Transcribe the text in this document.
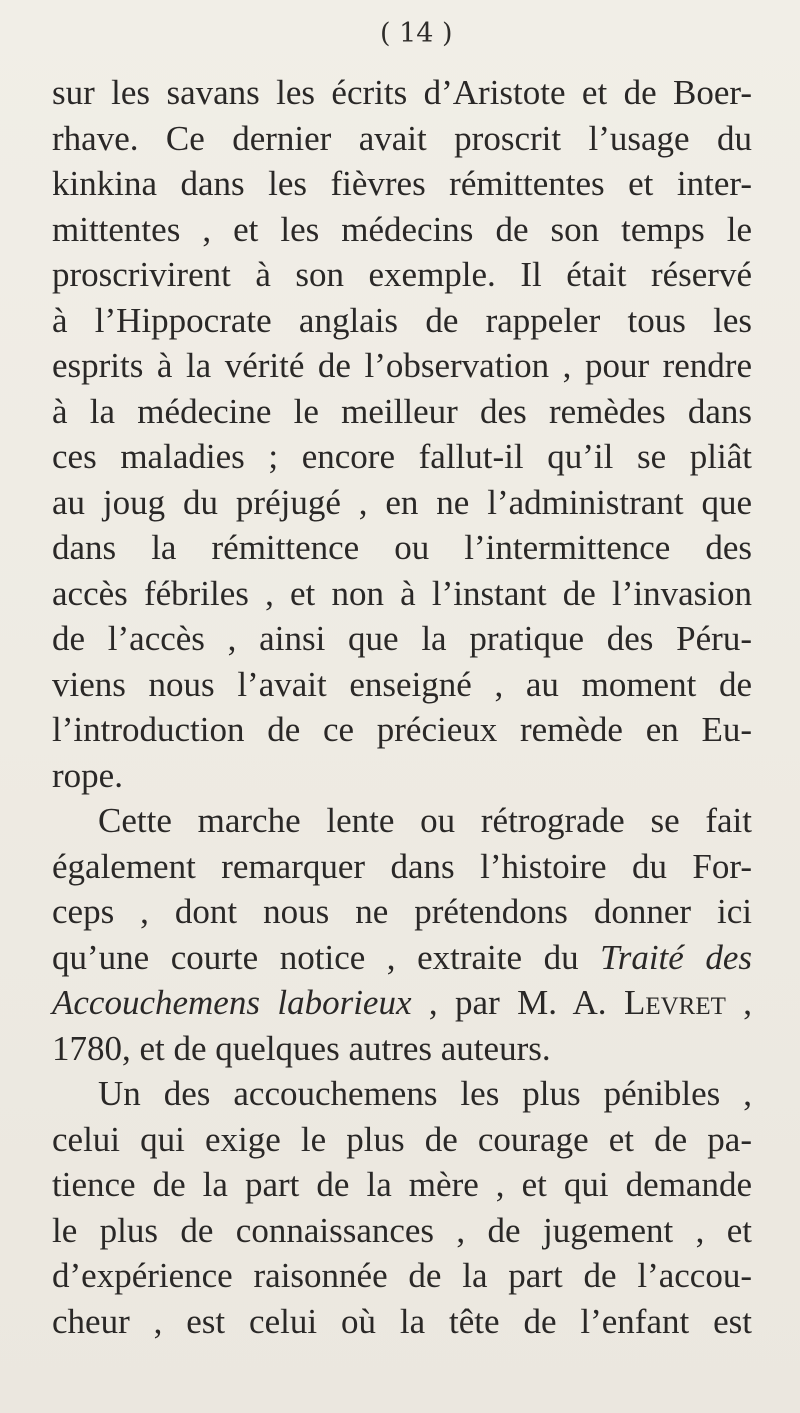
( 14 )
sur les savans les écrits d’Aristote et de Boer-
rhave. Ce dernier avait proscrit l’usage du
kinkina dans les fièvres rémittentes et inter-
mittentes , et les médecins de son temps le
proscrivirent à son exemple. Il était réservé
à l’Hippocrate anglais de rappeler tous les
esprits à la vérité de l’observation , pour rendre
à la médecine le meilleur des remèdes dans
ces maladies ; encore fallut-il qu’il se pliât
au joug du préjugé , en ne l’administrant que
dans la rémittence ou l’intermittence des
accès fébriles , et non à l’instant de l’invasion
de l’accès , ainsi que la pratique des Péru-
viens nous l’avait enseigné , au moment de
l’introduction de ce précieux remède en Eu-
rope.
Cette marche lente ou rétrograde se fait
également remarquer dans l’histoire du For-
ceps , dont nous ne prétendons donner ici
qu’une courte notice , extraite du Traité des
Accouchemens laborieux , par M. A. Levret ,
1780, et de quelques autres auteurs.
Un des accouchemens les plus pénibles ,
celui qui exige le plus de courage et de pa-
tience de la part de la mère , et qui demande
le plus de connaissances , de jugement , et
d’expérience raisonnée de la part de l’accou-
cheur , est celui où la tête de l’enfant est
